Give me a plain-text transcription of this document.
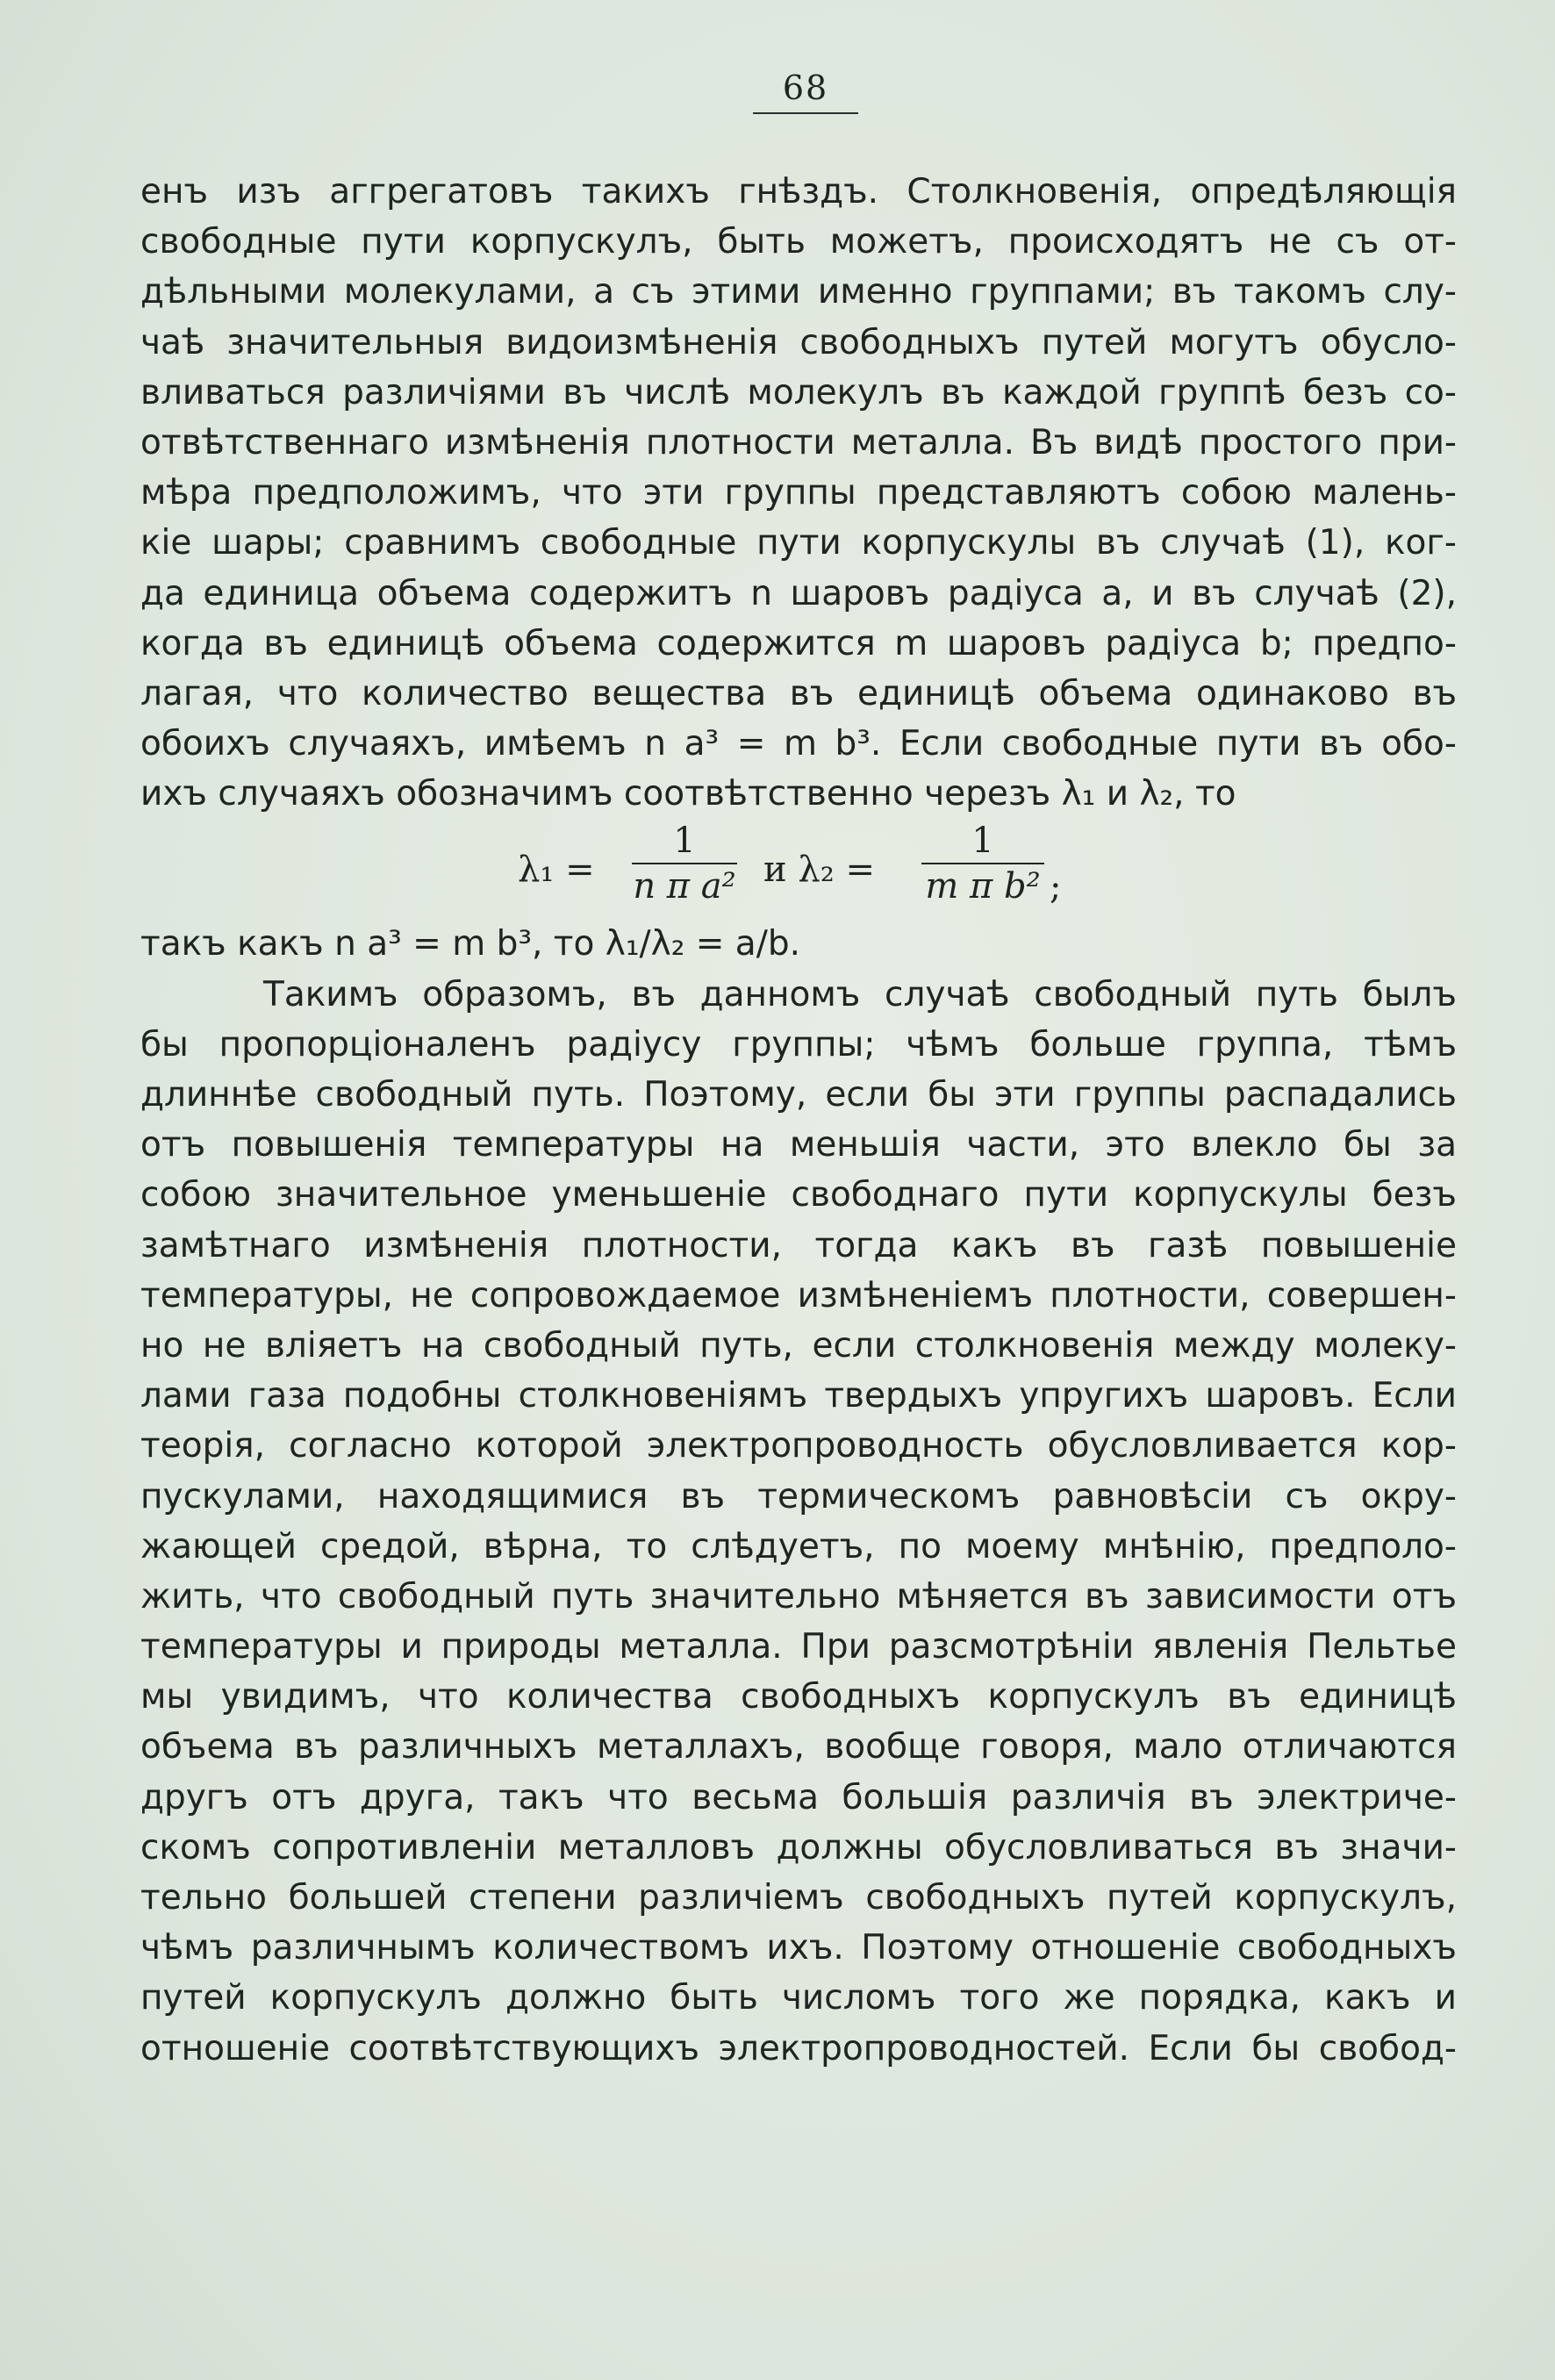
68
енъ изъ аггрегатовъ такихъ гнѣздъ. Столкновенія, опредѣляющія
свободные пути корпускулъ, быть можетъ, происходятъ не съ от-
дѣльными молекулами, а съ этими именно группами; въ такомъ слу-
чаѣ значительныя видоизмѣненія свободныхъ путей могутъ обусло-
вливаться различіями въ числѣ молекулъ въ каждой группѣ безъ со-
отвѣтственнаго измѣненія плотности металла. Въ видѣ простого при-
мѣра предположимъ, что эти группы представляютъ собою малень-
кіе шары; сравнимъ свободные пути корпускулы въ случаѣ (1), ког-
да единица объема содержитъ n шаровъ радіуса a, и въ случаѣ (2),
когда въ единицѣ объема содержится m шаровъ радіуса b; предпо-
лагая, что количество вещества въ единицѣ объема одинаково въ
обоихъ случаяхъ, имѣемъ n a³ = m b³. Если свободные пути въ обо-
ихъ случаяхъ обозначимъ соотвѣтственно черезъ λ₁ и λ₂, то
λ₁ =
1
n π a² и λ₂ =
1
m π b² ;
такъ какъ n a³ = m b³, то λ₁/λ₂ = a/b.
Такимъ образомъ, въ данномъ случаѣ свободный путь былъ
бы пропорціоналенъ радіусу группы; чѣмъ больше группа, тѣмъ
длиннѣе свободный путь. Поэтому, если бы эти группы распадались
отъ повышенія температуры на меньшія части, это влекло бы за
собою значительное уменьшеніе свободнаго пути корпускулы безъ
замѣтнаго измѣненія плотности, тогда какъ въ газѣ повышеніе
температуры, не сопровождаемое измѣненіемъ плотности, совершен-
но не вліяетъ на свободный путь, если столкновенія между молеку-
лами газа подобны столкновеніямъ твердыхъ упругихъ шаровъ. Если
теорія, согласно которой электропроводность обусловливается кор-
пускулами, находящимися въ термическомъ равновѣсіи съ окру-
жающей средой, вѣрна, то слѣдуетъ, по моему мнѣнію, предполо-
жить, что свободный путь значительно мѣняется въ зависимости отъ
температуры и природы металла. При разсмотрѣніи явленія Пельтье
мы увидимъ, что количества свободныхъ корпускулъ въ единицѣ
объема въ различныхъ металлахъ, вообще говоря, мало отличаются
другъ отъ друга, такъ что весьма большія различія въ электриче-
скомъ сопротивленіи металловъ должны обусловливаться въ значи-
тельно большей степени различіемъ свободныхъ путей корпускулъ,
чѣмъ различнымъ количествомъ ихъ. Поэтому отношеніе свободныхъ
путей корпускулъ должно быть числомъ того же порядка, какъ и
отношеніе соотвѣтствующихъ электропроводностей. Если бы свобод-
